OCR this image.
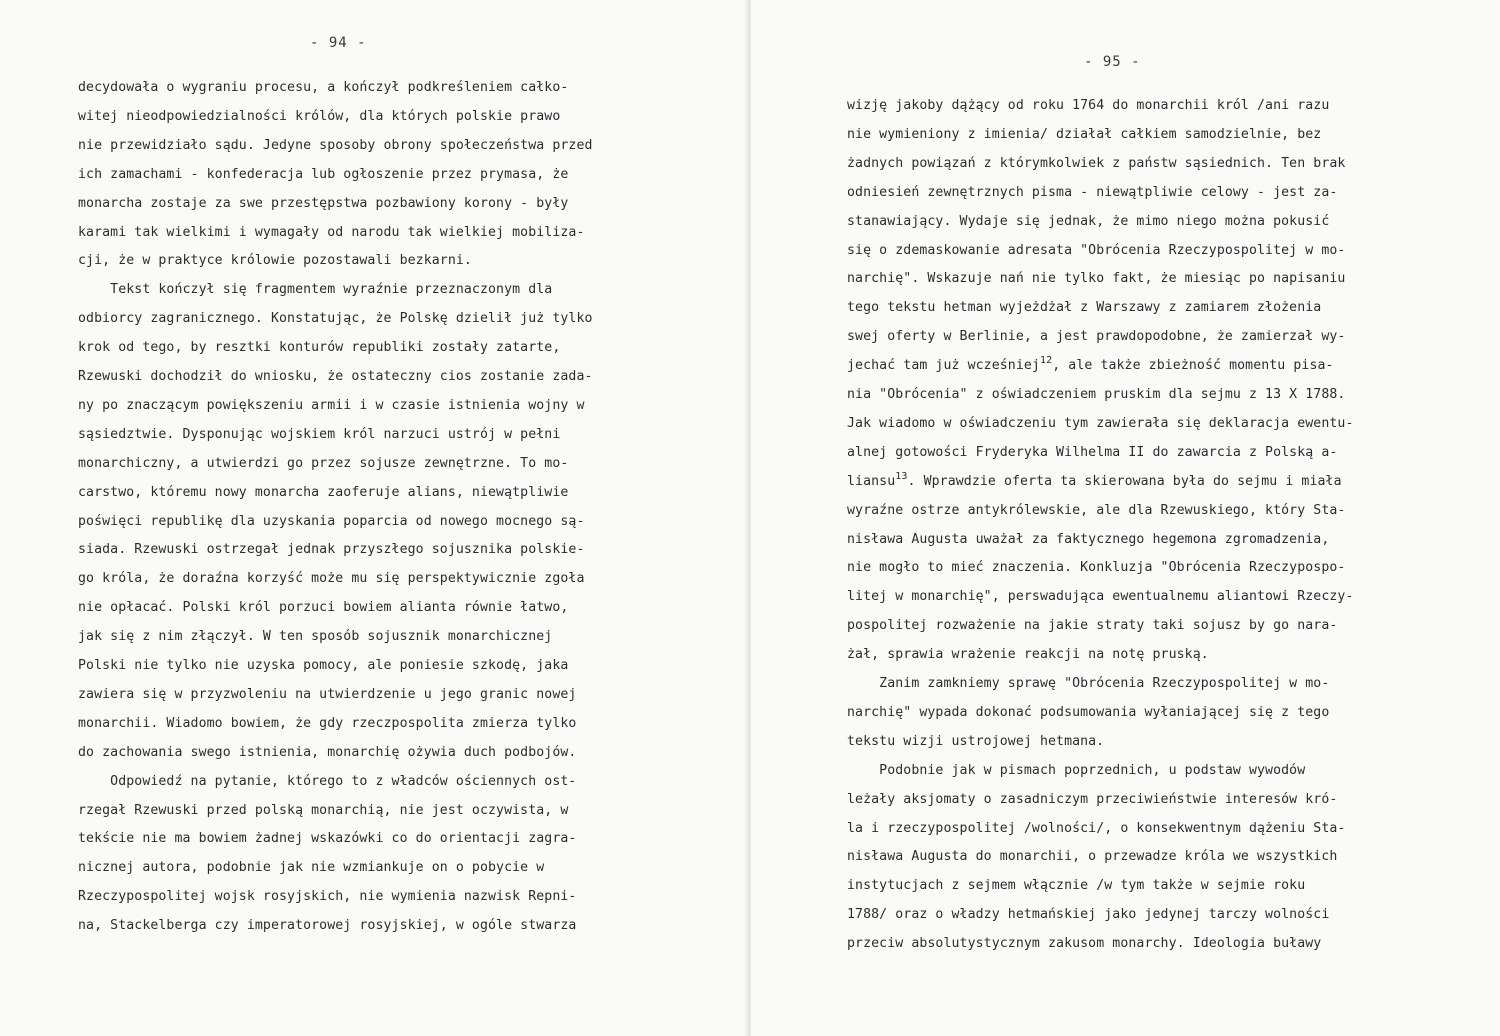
- 94 -
decydowała o wygraniu procesu, a kończył podkreśleniem całko-
witej nieodpowiedzialności królów, dla których polskie prawo
nie przewidziało sądu. Jedyne sposoby obrony społeczeństwa przed
ich zamachami - konfederacja lub ogłoszenie przez prymasa, że
monarcha zostaje za swe przestępstwa pozbawiony korony - były
karami tak wielkimi i wymagały od narodu tak wielkiej mobiliza-
cji, że w praktyce królowie pozostawali bezkarni.
Tekst kończył się fragmentem wyraźnie przeznaczonym dla
odbiorcy zagranicznego. Konstatując, że Polskę dzielił już tylko
krok od tego, by resztki konturów republiki zostały zatarte,
Rzewuski dochodził do wniosku, że ostateczny cios zostanie zada-
ny po znaczącym powiększeniu armii i w czasie istnienia wojny w
sąsiedztwie. Dysponując wojskiem król narzuci ustrój w pełni
monarchiczny, a utwierdzi go przez sojusze zewnętrzne. To mo-
carstwo, któremu nowy monarcha zaoferuje alians, niewątpliwie
poświęci republikę dla uzyskania poparcia od nowego mocnego są-
siada. Rzewuski ostrzegał jednak przyszłego sojusznika polskie-
go króla, że doraźna korzyść może mu się perspektywicznie zgoła
nie opłacać. Polski król porzuci bowiem alianta równie łatwo,
jak się z nim złączył. W ten sposób sojusznik monarchicznej
Polski nie tylko nie uzyska pomocy, ale poniesie szkodę, jaka
zawiera się w przyzwoleniu na utwierdzenie u jego granic nowej
monarchii. Wiadomo bowiem, że gdy rzeczpospolita zmierza tylko
do zachowania swego istnienia, monarchię ożywia duch podbojów.
Odpowiedź na pytanie, którego to z władców ościennych ost-
rzegał Rzewuski przed polską monarchią, nie jest oczywista, w
tekście nie ma bowiem żadnej wskazówki co do orientacji zagra-
nicznej autora, podobnie jak nie wzmiankuje on o pobycie w
Rzeczypospolitej wojsk rosyjskich, nie wymienia nazwisk Repni-
na, Stackelberga czy imperatorowej rosyjskiej, w ogóle stwarza
- 95 -
wizję jakoby dążący od roku 1764 do monarchii król /ani razu
nie wymieniony z imienia/ działał całkiem samodzielnie, bez
żadnych powiązań z którymkolwiek z państw sąsiednich. Ten brak
odniesień zewnętrznych pisma - niewątpliwie celowy - jest za-
stanawiający. Wydaje się jednak, że mimo niego można pokusić
się o zdemaskowanie adresata "Obrócenia Rzeczypospolitej w mo-
narchię". Wskazuje nań nie tylko fakt, że miesiąc po napisaniu
tego tekstu hetman wyjeżdżał z Warszawy z zamiarem złożenia
swej oferty w Berlinie, a jest prawdopodobne, że zamierzał wy-
jechać tam już wcześniej$^{12}$, ale także zbieżność momentu pisa-
nia "Obrócenia" z oświadczeniem pruskim dla sejmu z 13 X 1788.
Jak wiadomo w oświadczeniu tym zawierała się deklaracja ewentu-
alnej gotowości Fryderyka Wilhelma II do zawarcia z Polską a-
liansu$^{13}$. Wprawdzie oferta ta skierowana była do sejmu i miała
wyraźne ostrze antykrólewskie, ale dla Rzewuskiego, który Sta-
nisława Augusta uważał za faktycznego hegemona zgromadzenia,
nie mogło to mieć znaczenia. Konkluzja "Obrócenia Rzeczypospo-
litej w monarchię", perswadująca ewentualnemu aliantowi Rzeczy-
pospolitej rozważenie na jakie straty taki sojusz by go nara-
żał, sprawia wrażenie reakcji na notę pruską.
Zanim zamkniemy sprawę "Obrócenia Rzeczypospolitej w mo-
narchię" wypada dokonać podsumowania wyłaniającej się z tego
tekstu wizji ustrojowej hetmana.
Podobnie jak w pismach poprzednich, u podstaw wywodów
leżały aksjomaty o zasadniczym przeciwieństwie interesów kró-
la i rzeczypospolitej /wolności/, o konsekwentnym dążeniu Sta-
nisława Augusta do monarchii, o przewadze króla we wszystkich
instytucjach z sejmem włącznie /w tym także w sejmie roku
1788/ oraz o władzy hetmańskiej jako jedynej tarczy wolności
przeciw absolutystycznym zakusom monarchy. Ideologia buławy
